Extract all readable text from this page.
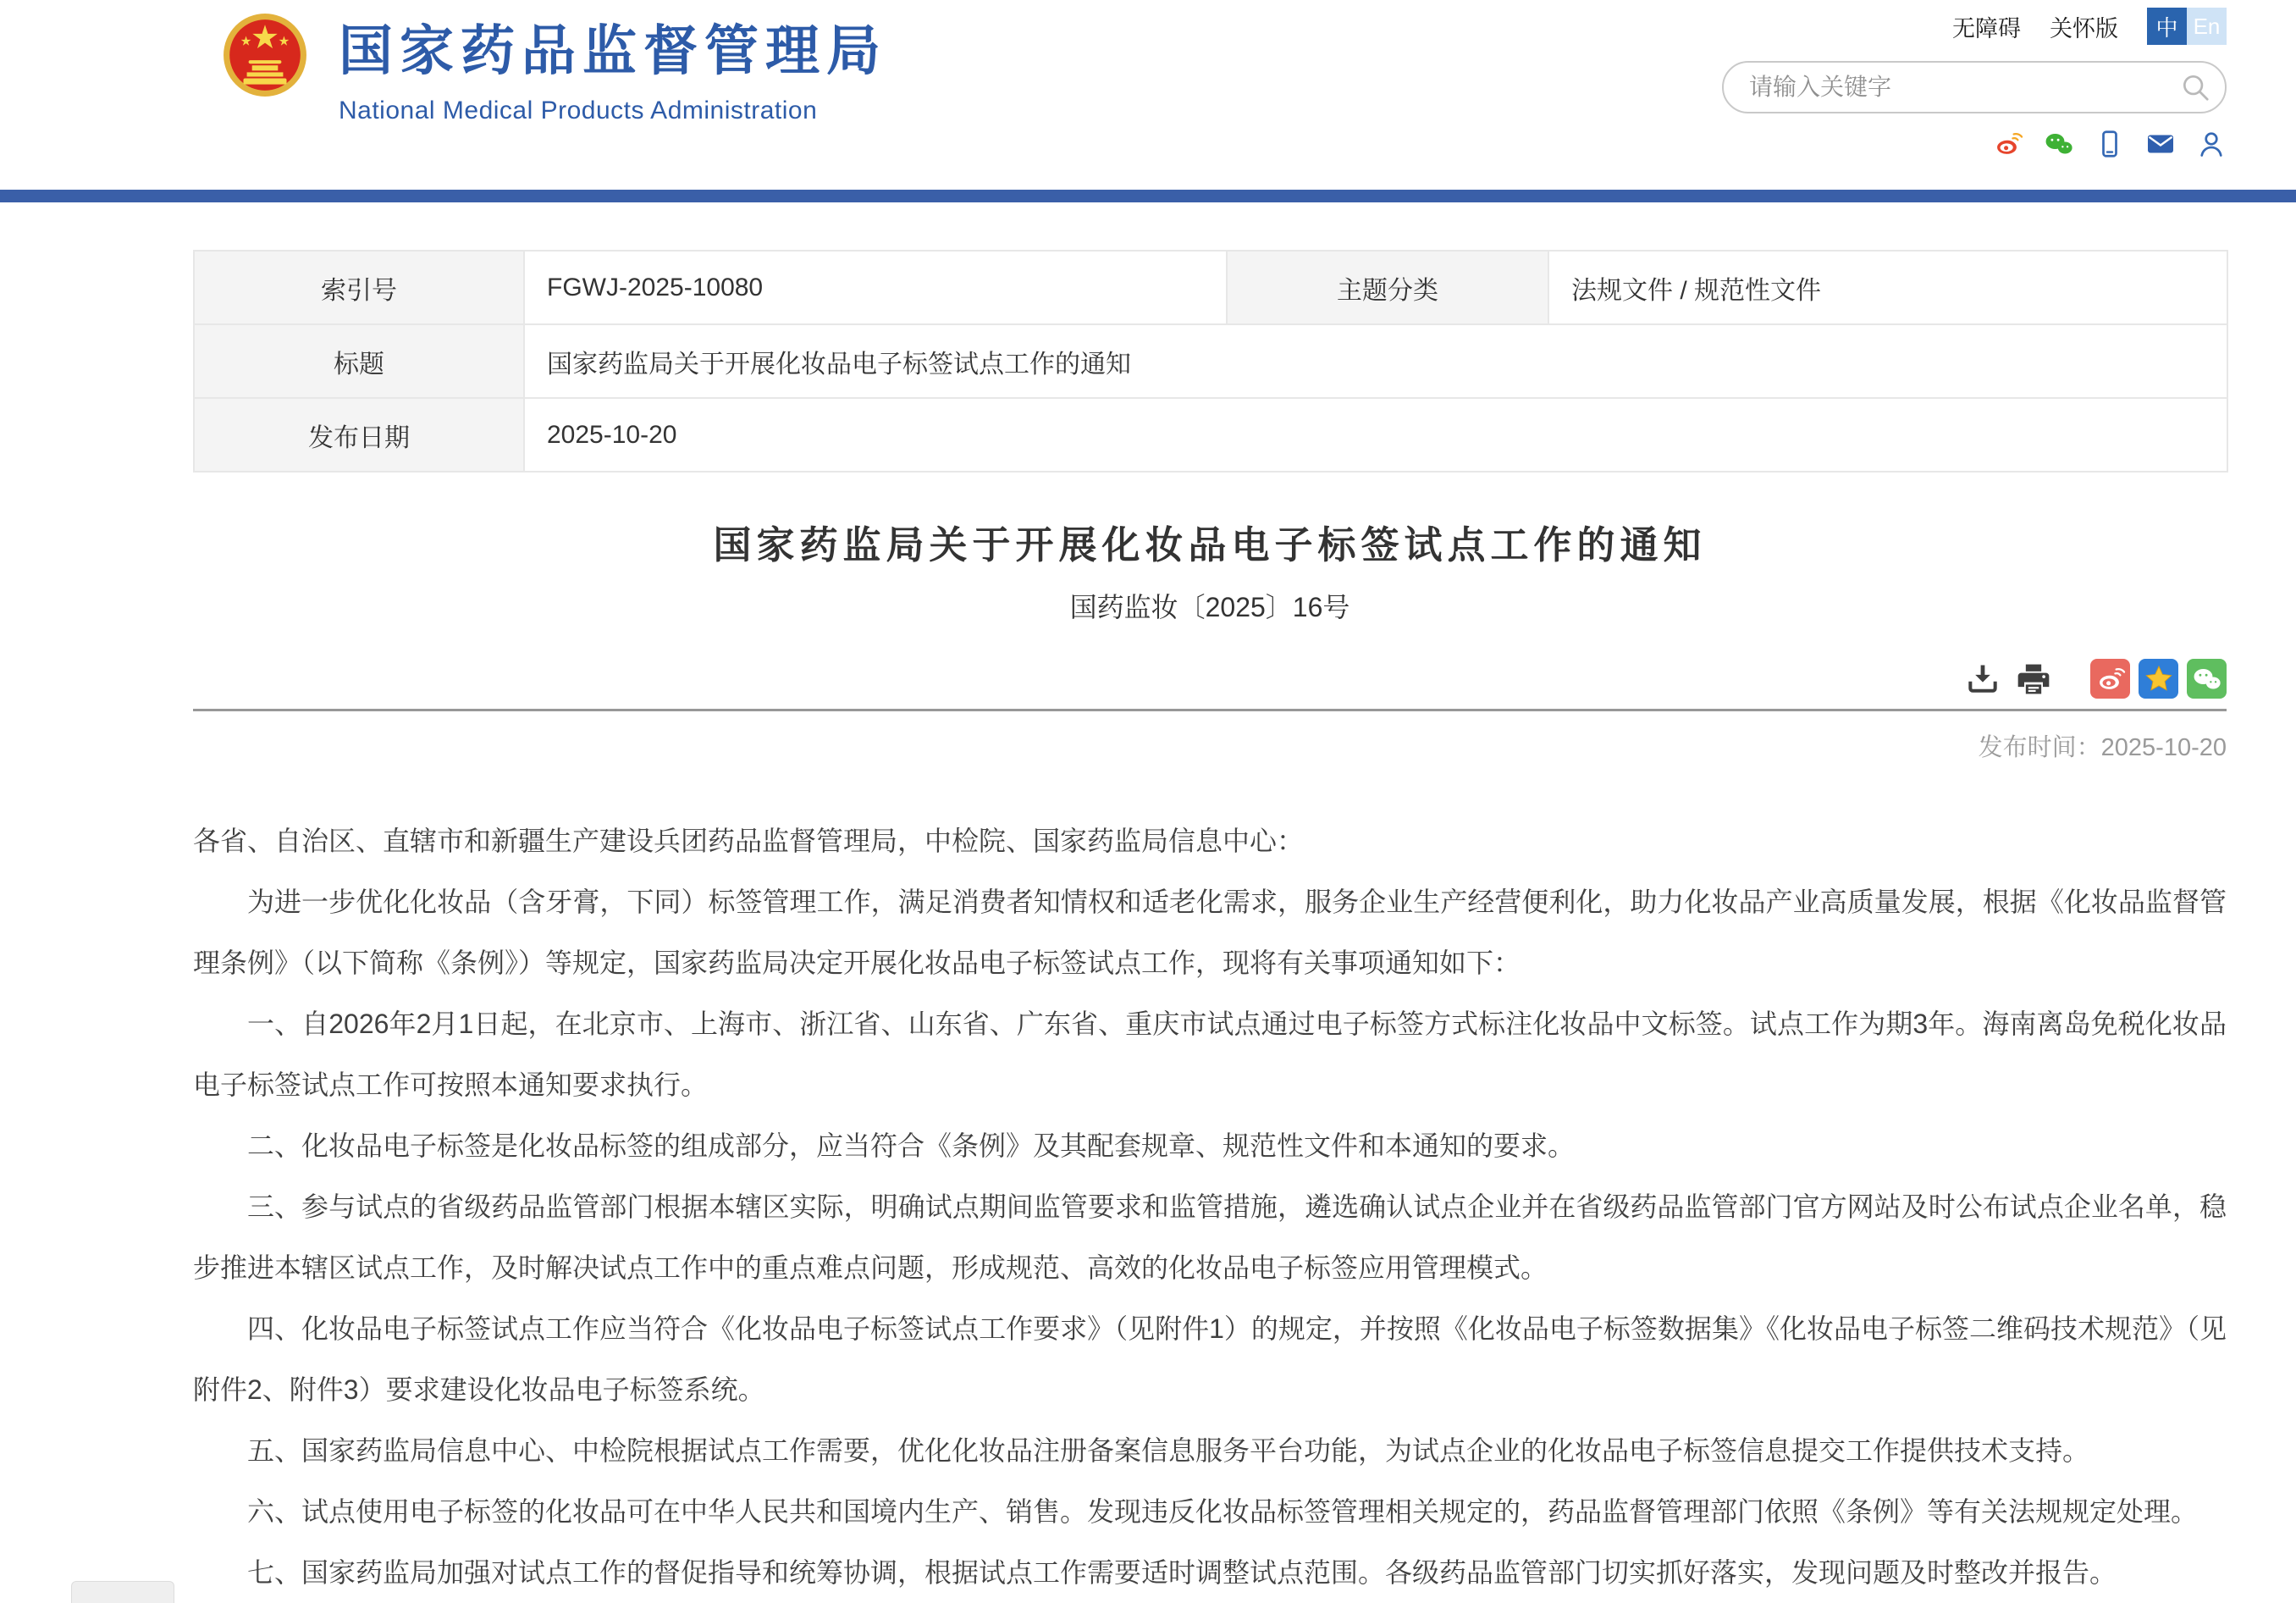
国家药品监督管理局
National Medical Products Administration
无障碍 关怀版	中 En
请输入关键字
索引号	FGWJ-2025-10080	主题分类	法规文件 / 规范性文件
标题	国家药监局关于开展化妆品电子标签试点工作的通知		
发布日期	2025-10-20		
国家药监局关于开展化妆品电子标签试点工作的通知
国药监妆〔2025〕16号
发布时间：2025-10-20

各省、自治区、直辖市和新疆生产建设兵团药品监督管理局，中检院、国家药监局信息中心：

为进一步优化化妆品（含牙膏，下同）标签管理工作，满足消费者知情权和适老化需求，服务企业生产经营便利化，助力化妆品产业高质量发展，根据《化妆品监督管理条例》（以下简称《条例》）等规定，国家药监局决定开展化妆品电子标签试点工作，现将有关事项通知如下：

一、自2026年2月1日起，在北京市、上海市、浙江省、山东省、广东省、重庆市试点通过电子标签方式标注化妆品中文标签。试点工作为期3年。海南离岛免税化妆品电子标签试点工作可按照本通知要求执行。

二、化妆品电子标签是化妆品标签的组成部分，应当符合《条例》及其配套规章、规范性文件和本通知的要求。

三、参与试点的省级药品监管部门根据本辖区实际，明确试点期间监管要求和监管措施，遴选确认试点企业并在省级药品监管部门官方网站及时公布试点企业名单，稳步推进本辖区试点工作，及时解决试点工作中的重点难点问题，形成规范、高效的化妆品电子标签应用管理模式。

四、化妆品电子标签试点工作应当符合《化妆品电子标签试点工作要求》（见附件1）的规定，并按照《化妆品电子标签数据集》《化妆品电子标签二维码技术规范》（见附件2、附件3）要求建设化妆品电子标签系统。

五、国家药监局信息中心、中检院根据试点工作需要，优化化妆品注册备案信息服务平台功能，为试点企业的化妆品电子标签信息提交工作提供技术支持。

六、试点使用电子标签的化妆品可在中华人民共和国境内生产、销售。发现违反化妆品标签管理相关规定的，药品监督管理部门依照《条例》等有关法规规定处理。

七、国家药监局加强对试点工作的督促指导和统筹协调，根据试点工作需要适时调整试点范围。各级药品监管部门切实抓好落实，发现问题及时整改并报告。
